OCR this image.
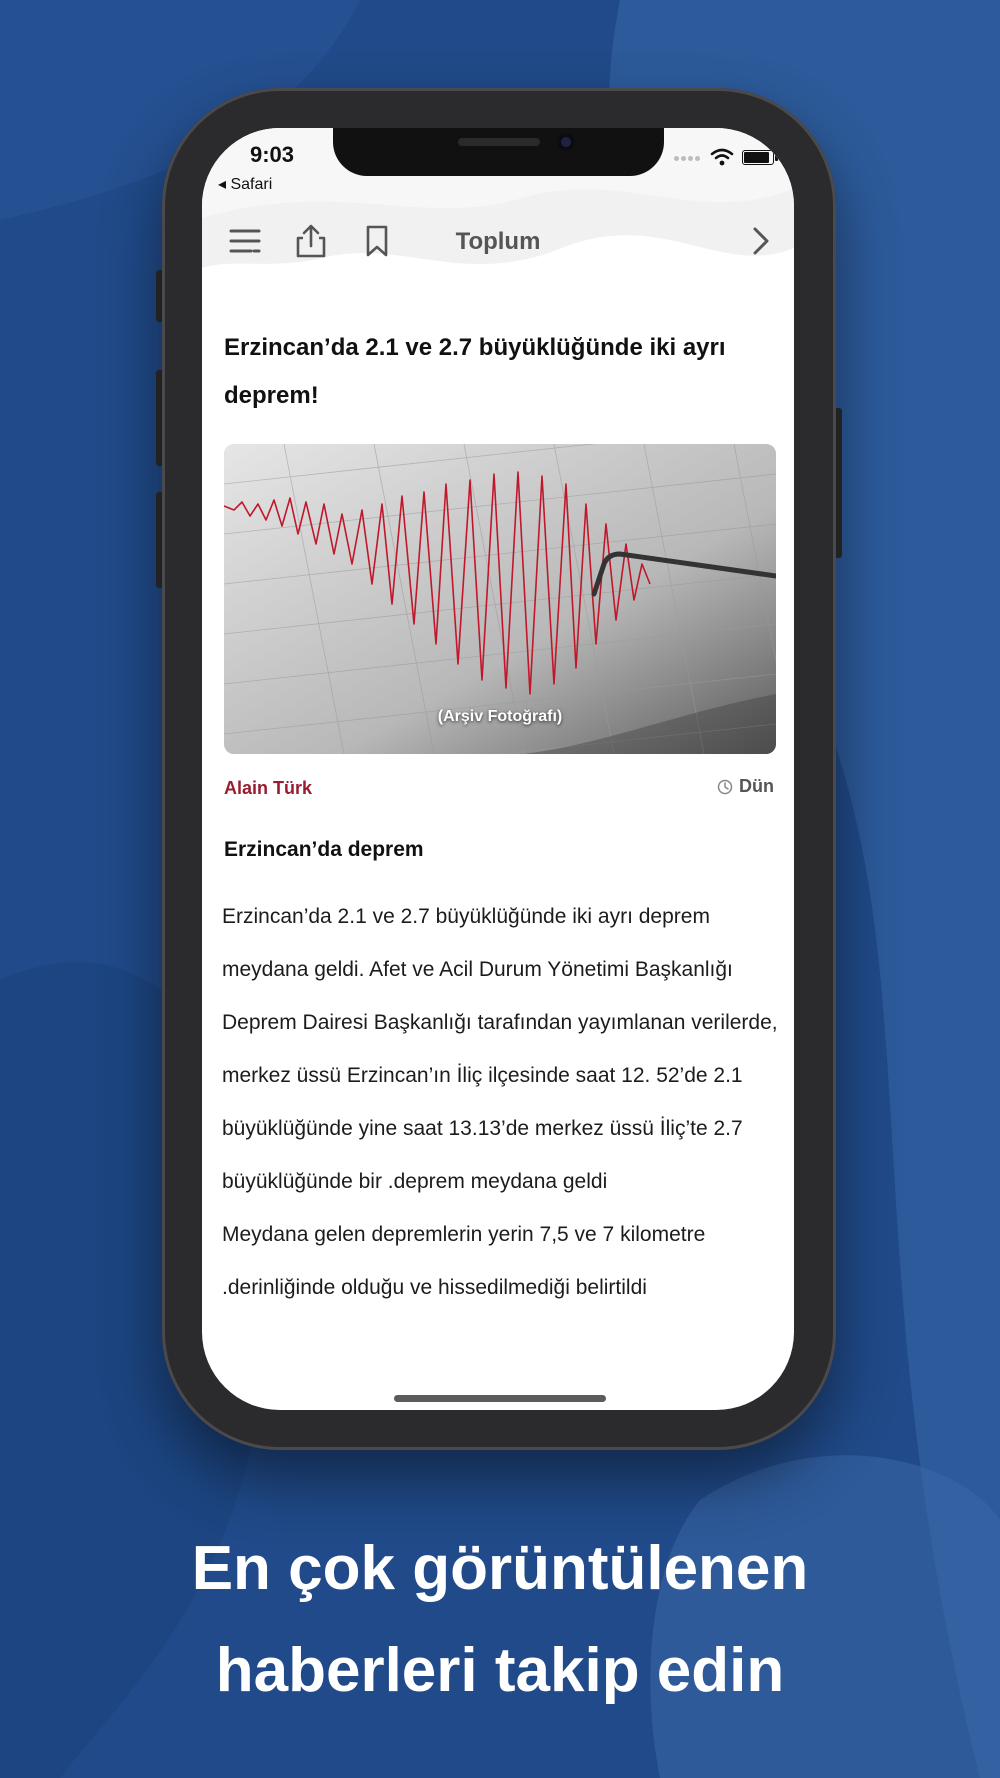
9:03
◂ Safari
Toplum
Erzincan’da 2.1 ve 2.7 büyüklüğünde iki ayrı deprem!
(Arşiv Fotoğrafı)
Alain Türk	Dün
Erzincan’da deprem

Erzincan’da 2.1 ve 2.7 büyüklüğünde iki ayrı deprem meydana geldi. Afet ve Acil Durum Yönetimi Başkanlığı Deprem Dairesi Başkanlığı tarafından yayımlanan verilerde, merkez üssü Erzincan’ın İliç ilçesinde saat 12. 52’de 2.1 büyüklüğünde yine saat 13.13’de merkez üssü İliç’te 2.7 büyüklüğünde bir .deprem meydana geldi

Meydana gelen depremlerin yerin 7,5 ve 7 kilometre .derinliğinde olduğu ve hissedilmediği belirtildi

En çok görüntülenen
haberleri takip edin
